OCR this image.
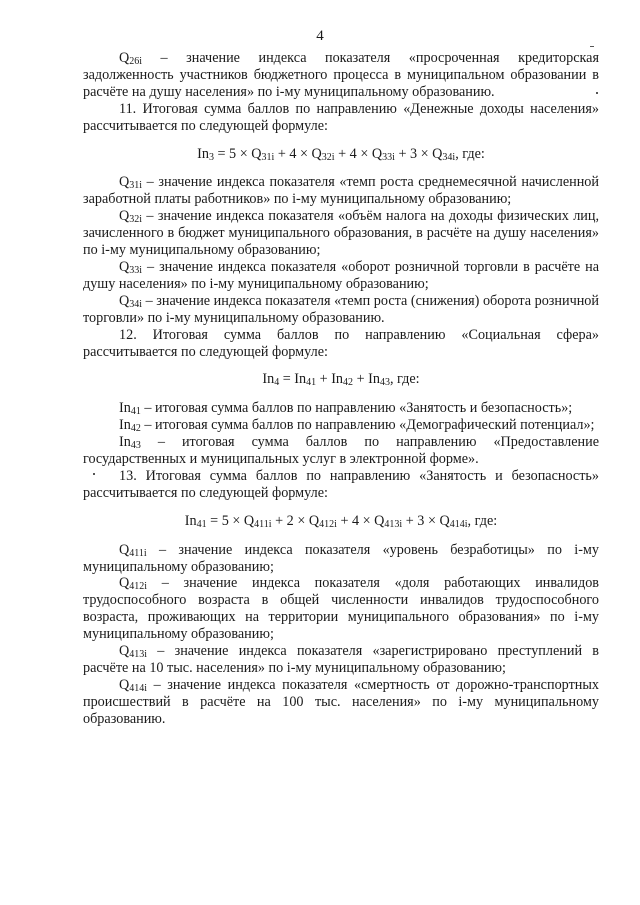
4

$Q_{26i}$ – значение индекса показателя «просроченная кредиторская задолженность участников бюджетного процесса в муниципальном образовании в расчёте на душу населения» по i-му муниципальному образованию.

11. Итоговая сумма баллов по направлению «Денежные доходы населения» рассчитывается по следующей формуле:

$In_3 = 5 \times Q_{31i} + 4 \times Q_{32i} + 4 \times Q_{33i} + 3 \times Q_{34i}$, где:

$Q_{31i}$ – значение индекса показателя «темп роста среднемесячной начисленной заработной платы работников» по i-му муниципальному образованию;

$Q_{32i}$ – значение индекса показателя «объём налога на доходы физических лиц, зачисленного в бюджет муниципального образования, в расчёте на душу населения» по i-му муниципальному образованию;

$Q_{33i}$ – значение индекса показателя «оборот розничной торговли в расчёте на душу населения» по i-му муниципальному образованию;

$Q_{34i}$ – значение индекса показателя «темп роста (снижения) оборота розничной торговли» по i-му муниципальному образованию.

12. Итоговая сумма баллов по направлению «Социальная сфера» рассчитывается по следующей формуле:

$In_4 = In_{41} + In_{42} + In_{43}$, где:

$In_{41}$ – итоговая сумма баллов по направлению «Занятость и безопасность»;

$In_{42}$ – итоговая сумма баллов по направлению «Демографический потенциал»;

$In_{43}$ – итоговая сумма баллов по направлению «Предоставление государственных и муниципальных услуг в электронной форме».

13. Итоговая сумма баллов по направлению «Занятость и безопасность» рассчитывается по следующей формуле:

$In_{41} = 5 \times Q_{411i} + 2 \times Q_{412i} + 4 \times Q_{413i} + 3 \times Q_{414i}$, где:

$Q_{411i}$ – значение индекса показателя «уровень безработицы» по i-му муниципальному образованию;

$Q_{412i}$ – значение индекса показателя «доля работающих инвалидов трудоспособного возраста в общей численности инвалидов трудоспособного возраста, проживающих на территории муниципального образования» по i-му муниципальному образованию;

$Q_{413i}$ – значение индекса показателя «зарегистрировано преступлений в расчёте на 10 тыс. населения» по i-му муниципальному образованию;

$Q_{414i}$ – значение индекса показателя «смертность от дорожно-транспортных происшествий в расчёте на 100 тыс. населения» по i-му муниципальному образованию.
